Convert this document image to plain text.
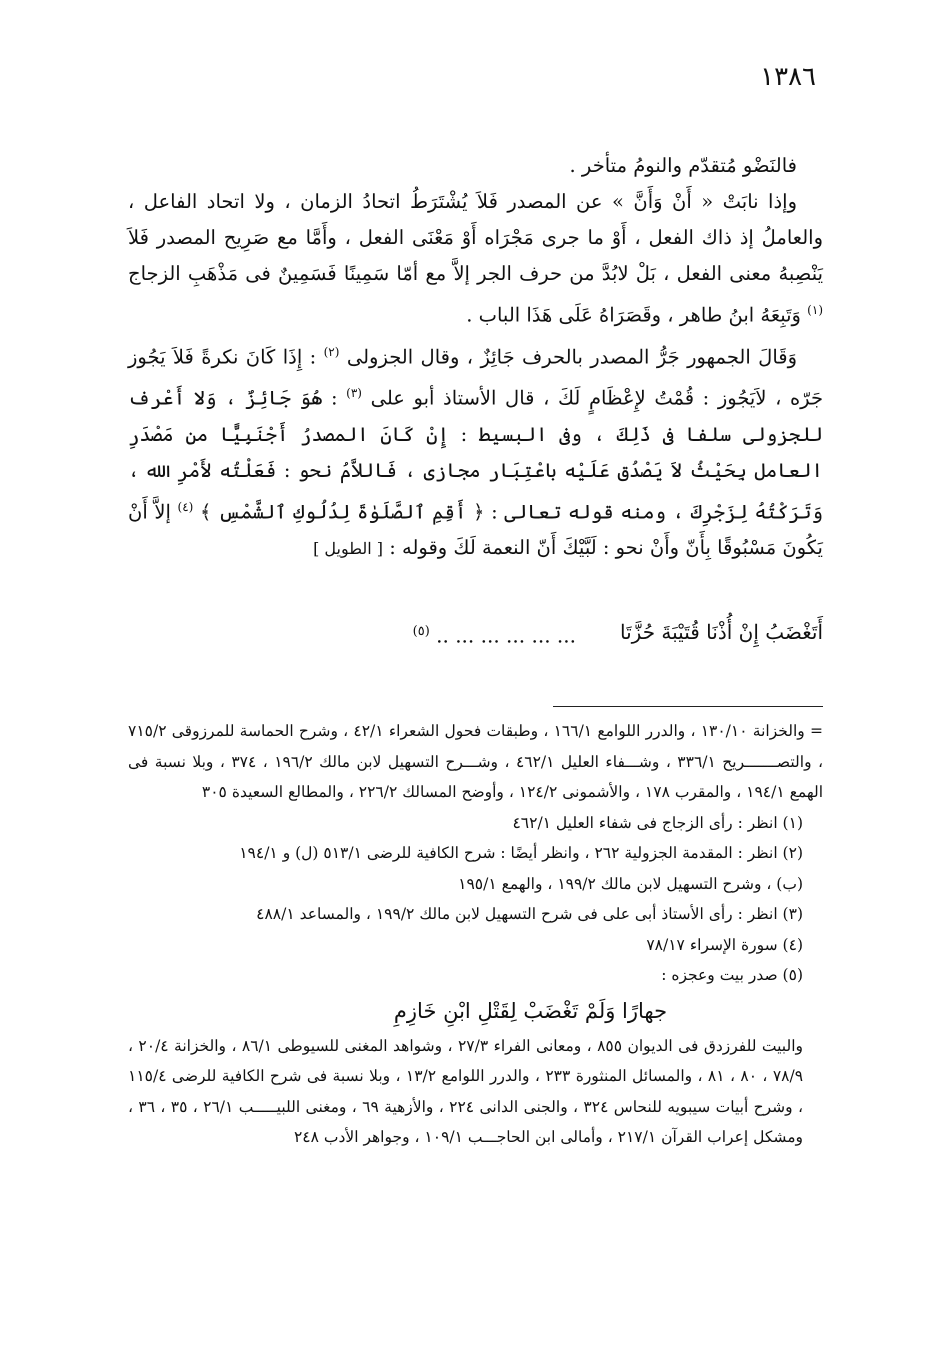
١٣٨٦

فالنَضْو مُتقدّم والنومُ متأخر .

وإذا نابَتْ « أَنْ وَأَنَّ » عن المصدر فَلاَ يُشْتَرَطُ اتحادُ الزمان ، ولا اتحاد الفاعل ، والعاملُ إذ ذاك الفعل ، أَوْ ما جرى مَجْرَاه أَوْ مَعْنَى الفعل ، وأَمَّا مع صَرِيح المصدر فَلاَ يَنْصِبهُ معنى الفعل ، بَلْ لابُدَّ من حرف الجر إلاَّ مع أمّا سَمِينًا فَسَمِينٌ فى مَذْهَبِ الزجاج $^{(١)}$ وَتَبِعَهُ ابنُ طاهر ، وقَصَرَاهُ عَلَى هَذَا الباب .

وَقَالَ الجمهور جَرُّ المصدر بالحرف جَائِزٌ ، وقال الجزولى $^{(٢)}$ : إِذَا كَانَ نكرةً فَلاَ يَجُوز جَرّه ، لاَيَجُوز : قُمْتُ لإِعْظَامٍ لَكَ ، قال الأستاذ أبو على $^{(٣)}$ : هُوَ جَائِزٌ ، وَلا أَعْرف للجزولى سلفا فى ذَلِكَ ، وفى البسيط : إِنْ كَانَ المصدرُ أَجْنَبِيًّا من مَصْدَرِ العامل بِحَيْثُ لاَ يَصْدُق عَلَيْه باعْتِبَار مجازى ، فَاللاَّمُ نحو : فَعَلْتُه لأَمْرِ الله ، وَتَرَكْتُهُ لِزَجْرِكَ ، ومنه قوله تعالى : ﴿ أَقِمِ ٱلصَّلَوٰةَ لِدُلُوكِ ٱلشَّمْسِ ﴾ $^{(٤)}$ إلاَّ أَنْ يَكُونَ مَسْبُوقًا بِأَنّ وأَنْ نحو : لَبَّيْكَ أَنّ النعمة لَكَ وقوله : [ الطويل ]

أَتَغْضَبُ إِنْ أُذْنَا قُتَيْبَةَ حُزَّتَا
... ... ... ... ... .. $^{(٥)}$

= والخزانة ١٣٠/١٠ ، والدرر اللوامع ١٦٦/١ ، وطبقات فحول الشعراء ٤٢/١ ، وشرح الحماسة للمرزوقى ٧١٥/٢ ، والتصـــــــريح ٣٣٦/١ ، وشـــفاء العليل ٤٦٢/١ ، وشـــرح التسهيل لابن مالك ١٩٦/٢ ، ٣٧٤ ، وبلا نسبة فى الهمع ١٩٤/١ ، والمقرب ١٧٨ ، والأشمونى ١٢٤/٢ ، وأوضح المسالك ٢٢٦/٢ ، والمطالع السعيدة ٣٠٥

(١) انظر : رأى الزجاج فى شفاء العليل ٤٦٢/١

(٢) انظر : المقدمة الجزولية ٢٦٢ ، وانظر أيضًا : شرح الكافية للرضى ٥١٣/١ (ل) و ١٩٤/١

(ب) ، وشرح التسهيل لابن مالك ١٩٩/٢ ، والهمع ١٩٥/١

(٣) انظر : رأى الأستاذ أبى على فى شرح التسهيل لابن مالك ١٩٩/٢ ، والمساعد ٤٨٨/١

(٤) سورة الإسراء ٧٨/١٧

(٥) صدر بيت وعجزه :

جهارًا وَلَمْ تَغْضَبْ لِقَتْلِ ابْنِ خَازِمِ

والبيت للفرزدق فى الديوان ٨٥٥ ، ومعانى الفراء ٢٧/٣ ، وشواهد المغنى للسيوطى ٨٦/١ ، والخزانة ٢٠/٤ ، ٧٨/٩ ، ٨٠ ، ٨١ ، والمسائل المنثورة ٢٣٣ ، والدرر اللوامع ١٣/٢ ، وبلا نسبة فى شرح الكافية للرضى ١١٥/٤ ، وشرح أبيات سيبويه للنحاس ٣٢٤ ، والجنى الدانى ٢٢٤ ، والأزهية ٦٩ ، ومغنى اللبيـــــب ٢٦/١ ، ٣٥ ، ٣٦ ، ومشكل إعراب القرآن ٢١٧/١ ، وأمالى ابن الحاجـــب ١٠٩/١ ، وجواهر الأدب ٢٤٨
